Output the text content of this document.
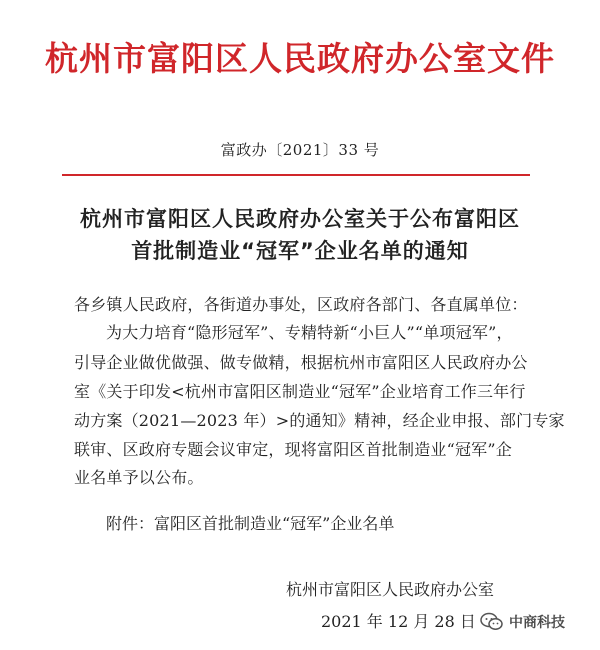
杭州市富阳区人民政府办公室文件
富政办〔2021〕33 号
杭州市富阳区人民政府办公室关于公布富阳区
首批制造业“冠军”企业名单的通知
各乡镇人民政府，各街道办事处，区政府各部门、各直属单位：
为大力培育“隐形冠军”、专精特新“小巨人”“单项冠军”，
引导企业做优做强、做专做精，根据杭州市富阳区人民政府办公
室《关于印发<杭州市富阳区制造业“冠军”企业培育工作三年行
动方案（2021—2023 年）>的通知》精神，经企业申报、部门专家
联审、区政府专题会议审定，现将富阳区首批制造业“冠军”企
业名单予以公布。
附件：富阳区首批制造业“冠军”企业名单
杭州市富阳区人民政府办公室
2021 年 12 月 28 日 中商科技
